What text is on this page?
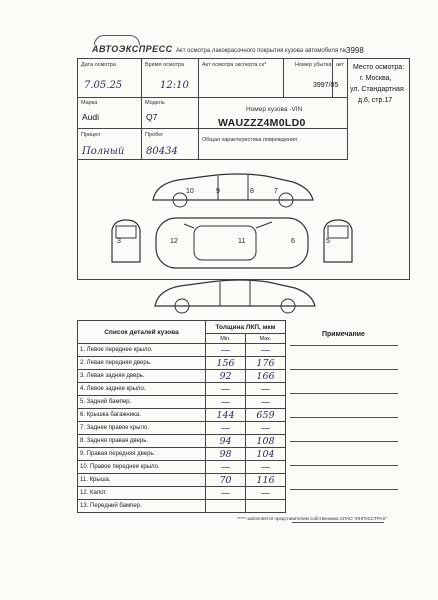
АВТОЭКСПРЕСС Акт осмотра лакокрасочного покрытия кузова автомобиля № 3998
Дата осмотра
7.05.25
Время осмотра
12:10
Акт осмотра эксперта ск*	Номер убытка акт
3997/05
Место осмотра:
г. Москва,
ул. Стандартная
д.6, стр.17
Марка
Audi
Модель
Q7
Номер кузова -VIN
WAUZZZ4M0LD0
Прицеп
Полный
Пробег
80434
Общая характеристика повреждения
10	9	8	7
12	11	6
3	5
Список деталей кузова	Толщина ЛКП, мкм	
	Min.	Max.
1. Левое переднее крыло.	—	—
2. Левая передняя дверь.	156	176
3. Левая задняя дверь.	92	166
4. Левое заднее крыло.	—	—
5. Задний бампер.	—	—
6. Крышка багажника.	144	659
7. Заднее правое крыло.	—	—
8. Задняя правая дверь.	94	108
9. Правая передняя дверь.	98	104
10. Правое переднее крыло.	—	—
11. Крыша.	70	116
12. Капот.	—	—
13. Передний бампер.		
Примечание
*****-заполняется представителем собственника СПАО "ИНГОССТРАХ"
